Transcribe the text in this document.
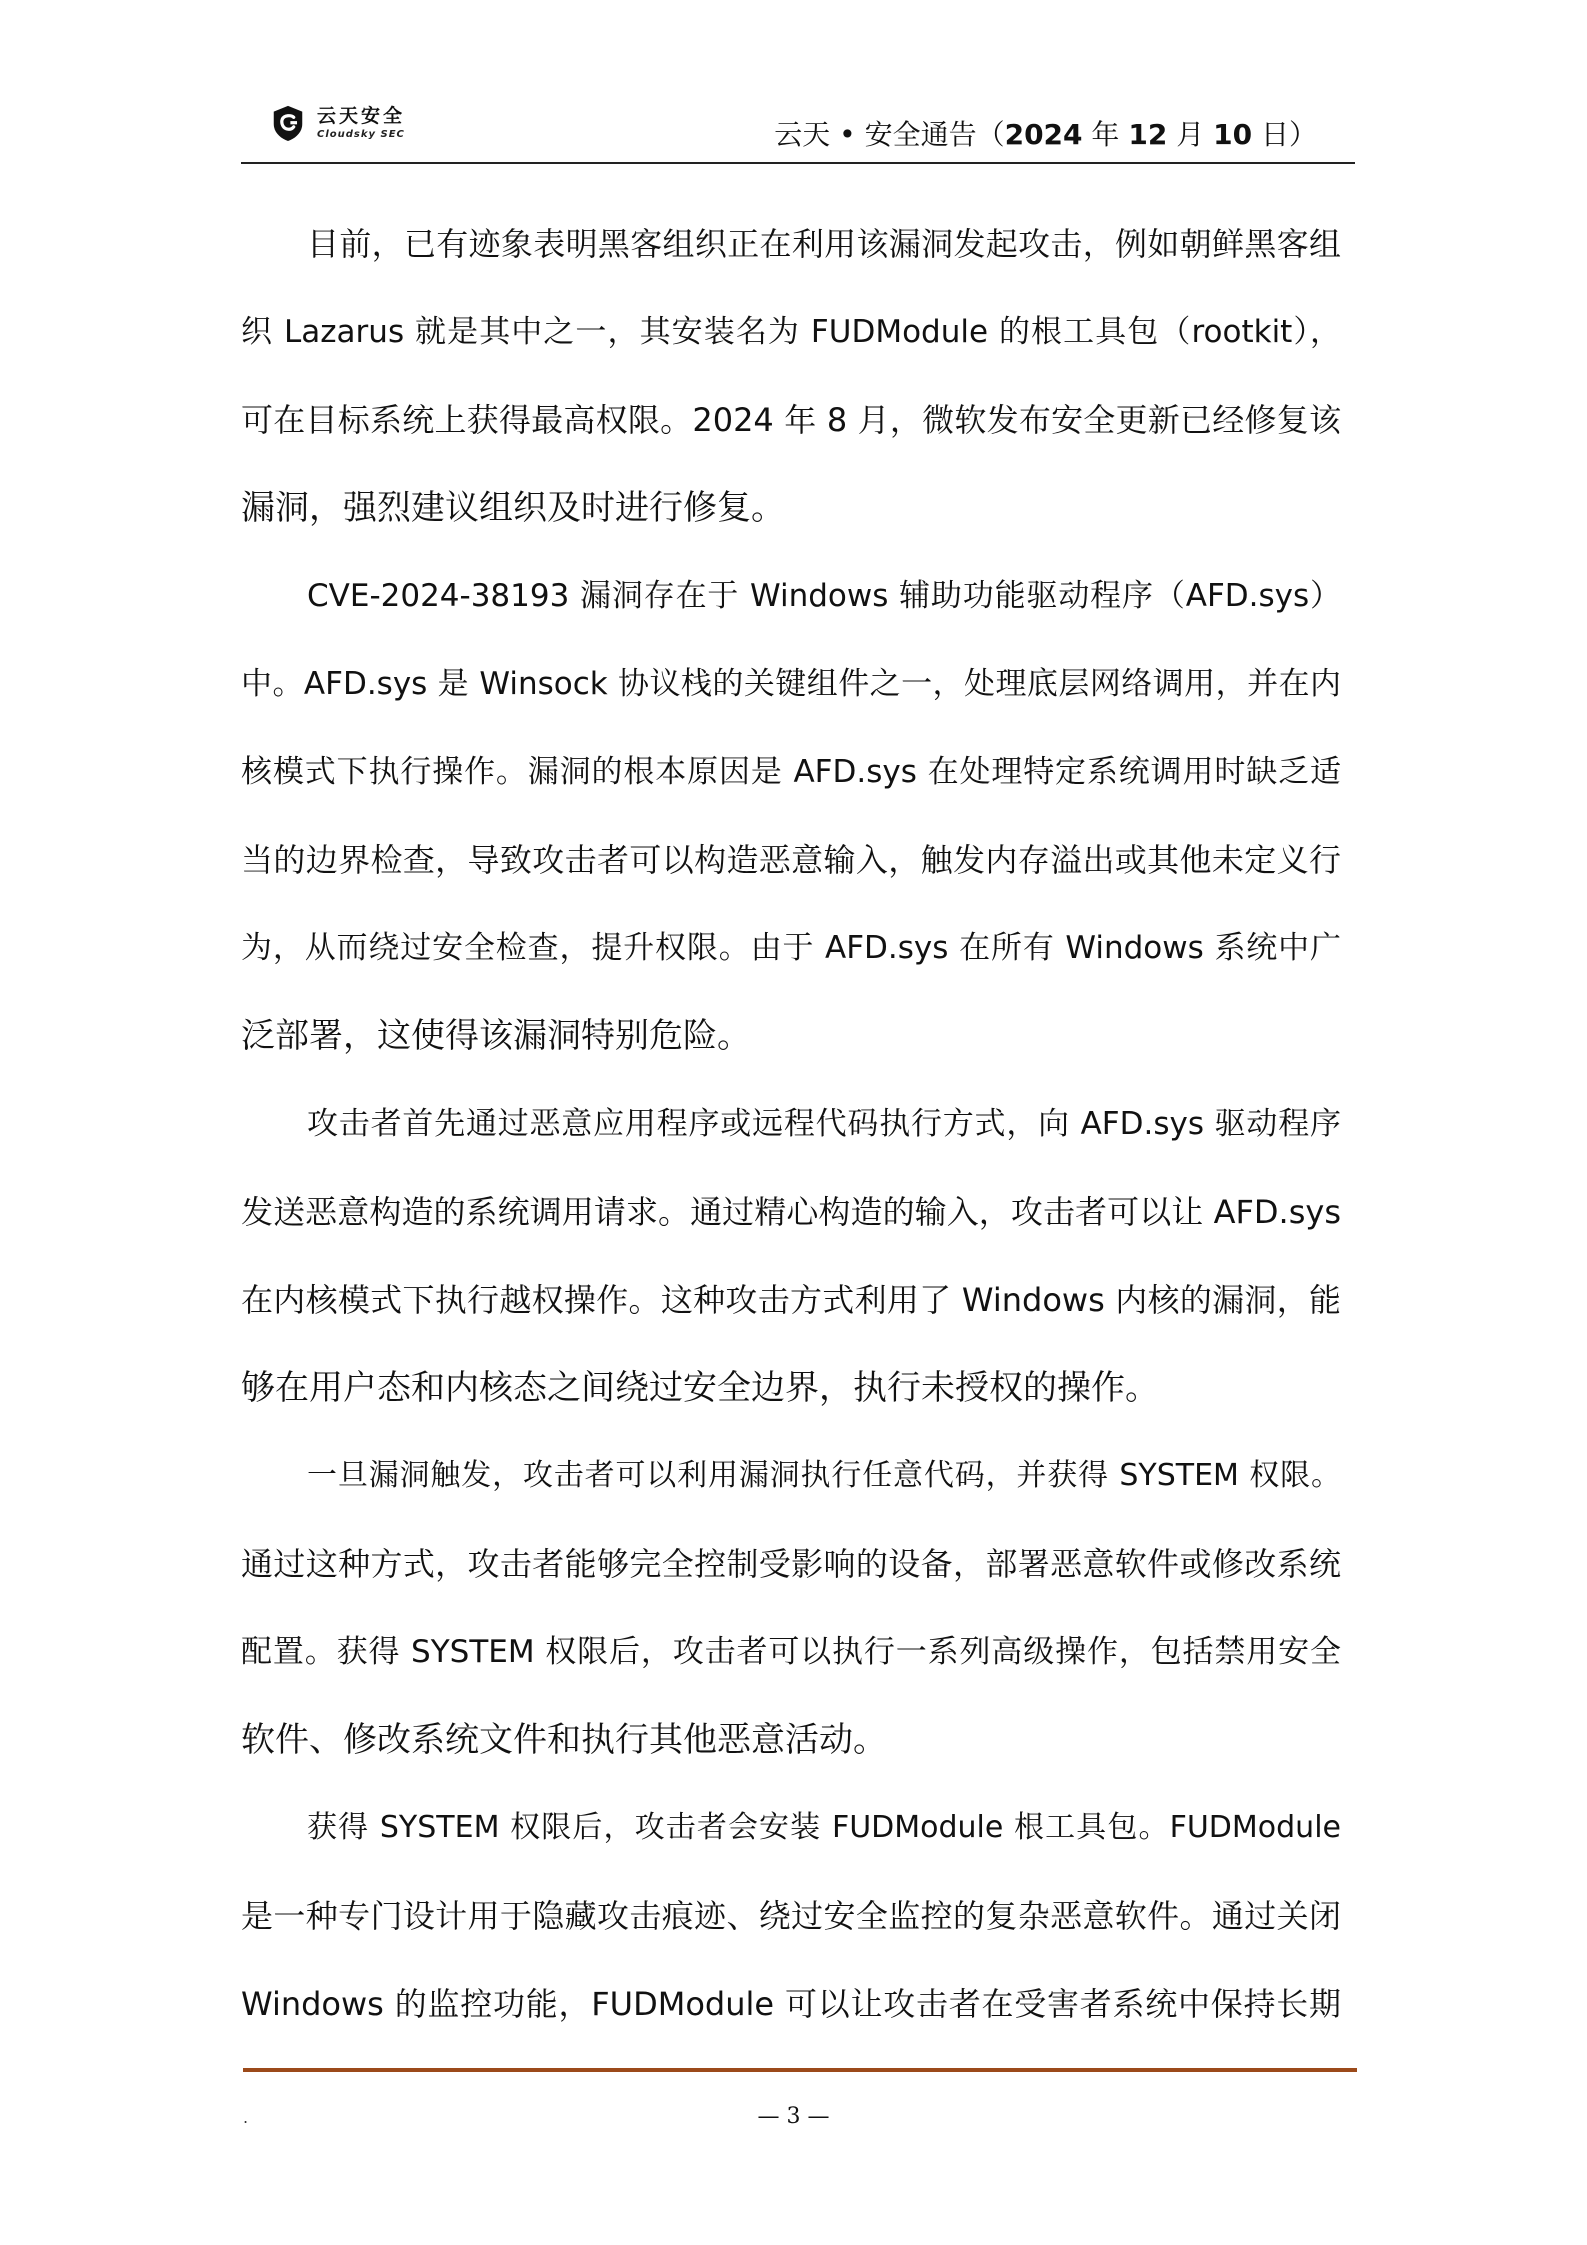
云天安全
Cloudsky SEC	云天 • 安全通告（2024 年 12 月 10 日）
目前，已有迹象表明黑客组织正在利用该漏洞发起攻击，例如朝鲜黑客组
织 Lazarus 就是其中之一，其安装名为 FUDModule 的根工具包（rootkit），
可在目标系统上获得最高权限。2024 年 8 月，微软发布安全更新已经修复该
漏洞，强烈建议组织及时进行修复。
CVE-2024-38193 漏洞存在于 Windows 辅助功能驱动程序（AFD.sys）
中。AFD.sys 是 Winsock 协议栈的关键组件之一，处理底层网络调用，并在内
核模式下执行操作。漏洞的根本原因是 AFD.sys 在处理特定系统调用时缺乏适
当的边界检查，导致攻击者可以构造恶意输入，触发内存溢出或其他未定义行
为，从而绕过安全检查，提升权限。由于 AFD.sys 在所有 Windows 系统中广
泛部署，这使得该漏洞特别危险。
攻击者首先通过恶意应用程序或远程代码执行方式，向 AFD.sys 驱动程序
发送恶意构造的系统调用请求。通过精心构造的输入，攻击者可以让 AFD.sys
在内核模式下执行越权操作。这种攻击方式利用了 Windows 内核的漏洞，能
够在用户态和内核态之间绕过安全边界，执行未授权的操作。
一旦漏洞触发，攻击者可以利用漏洞执行任意代码，并获得 SYSTEM 权限。
通过这种方式，攻击者能够完全控制受影响的设备，部署恶意软件或修改系统
配置。获得 SYSTEM 权限后，攻击者可以执行一系列高级操作，包括禁用安全
软件、修改系统文件和执行其他恶意活动。
获得 SYSTEM 权限后，攻击者会安装 FUDModule 根工具包。FUDModule
是一种专门设计用于隐藏攻击痕迹、绕过安全监控的复杂恶意软件。通过关闭
Windows 的监控功能，FUDModule 可以让攻击者在受害者系统中保持长期
.	— 3 —
